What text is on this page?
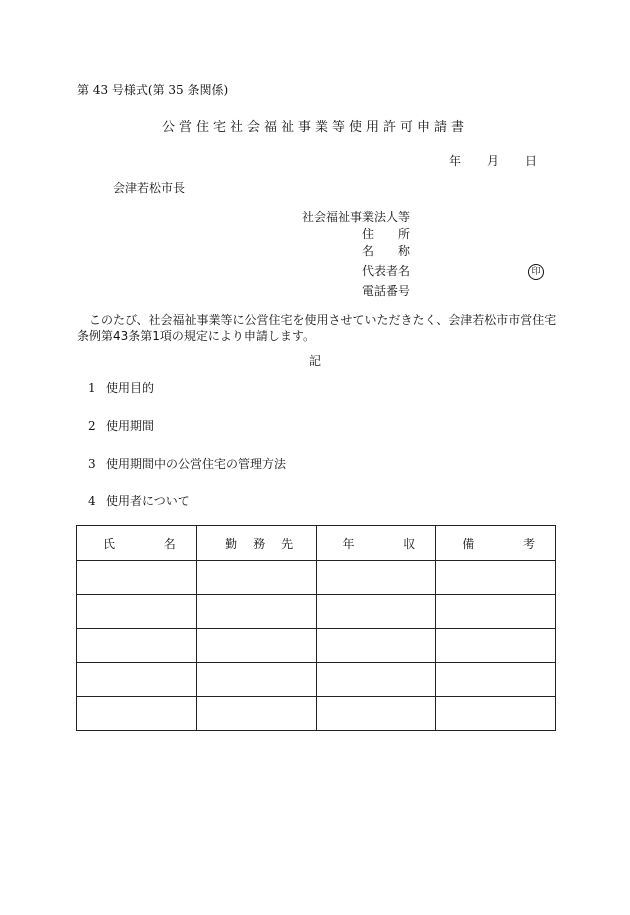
第 43 号様式(第 35 条関係)
公営住宅社会福祉事業等使用許可申請書
年 月 日
会津若松市長
社会福祉事業法人等
住　　所
名　　称
代表者名	印
電話番号
このたび、社会福祉事業等に公営住宅を使用させていただきたく、会津若松市市営住宅条例第43条第1項の規定により申請します。
記
1 使用目的
2 使用期間
3 使用期間中の公営住宅の管理方法
4 使用者について
氏 名	勤 務 先	年 収	備 考
